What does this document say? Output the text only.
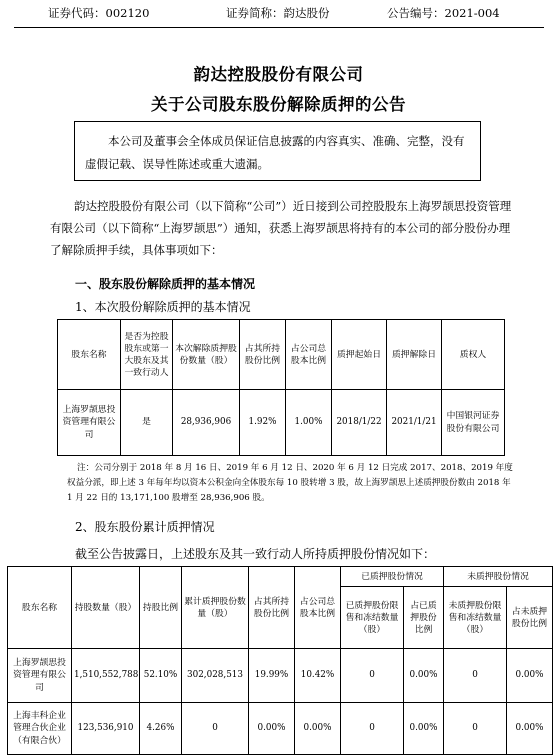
证券代码：002120	证券简称：韵达股份	公告编号：2021-004
韵达控股股份有限公司
关于公司股东股份解除质押的公告

本公司及董事会全体成员保证信息披露的内容真实、准确、完整，没有虚假记载、误导性陈述或重大遗漏。

韵达控股股份有限公司（以下简称“公司”）近日接到公司控股股东上海罗颉思投资管理有限公司（以下简称“上海罗颉思”）通知，获悉上海罗颉思将持有的本公司的部分股份办理了解除质押手续，具体事项如下：

一、股东股份解除质押的基本情况
1、本次股份解除质押的基本情况
股东名称	是否为控股股东或第一大股东及其一致行动人	本次解除质押股份数量（股）	占其所持股份比例	占公司总股本比例	质押起始日	质押解除日	质权人
上海罗颉思投资管理有限公司	是	28,936,906	1.92%	1.00%	2018/1/22	2021/1/21	中国银河证券股份有限公司

注：公司分别于 2018 年 8 月 16 日、2019 年 6 月 12 日、2020 年 6 月 12 日完成 2017、2018、2019 年度权益分派，即上述 3 年每年均以资本公积金向全体股东每 10 股转增 3 股，故上海罗颉思上述质押股份数由 2018 年 1 月 22 日的 13,171,100 股增至 28,936,906 股。

2、股东股份累计质押情况
截至公告披露日，上述股东及其一致行动人所持质押股份情况如下：
股东名称	持股数量（股）	持股比例	累计质押股份数量（股）	占其所持股份比例	占公司总股本比例	已质押股份情况		未质押股份情况	
						已质押股份限售和冻结数量（股）	占已质押股份比例	未质押股份限售和冻结数量（股）	占未质押股份比例
上海罗颉思投资管理有限公司	1,510,552,788	52.10%	302,028,513	19.99%	10.42%	0	0.00%	0	0.00%
上海丰科企业管理合伙企业（有限合伙）	123,536,910	4.26%	0	0.00%	0.00%	0	0.00%	0	0.00%
